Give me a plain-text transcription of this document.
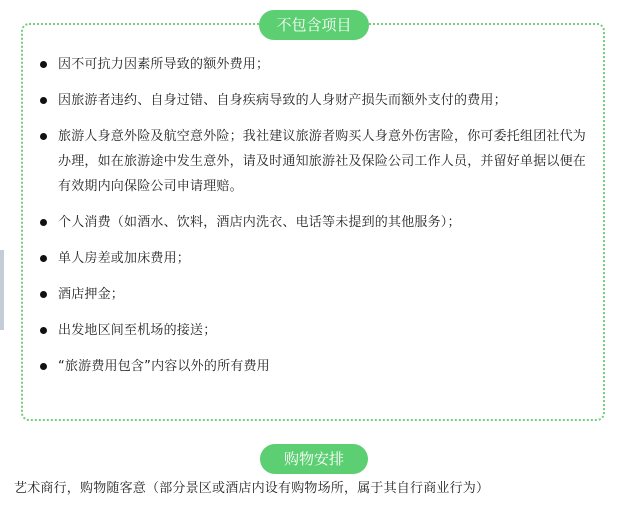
不包含项目
因不可抗力因素所导致的额外费用；
因旅游者违约、自身过错、自身疾病导致的人身财产损失而额外支付的费用；
旅游人身意外险及航空意外险；我社建议旅游者购买人身意外伤害险，你可委托组团社代为办理，如在旅游途中发生意外，请及时通知旅游社及保险公司工作人员，并留好单据以便在有效期内向保险公司申请理赔。
个人消费（如酒水、饮料，酒店内洗衣、电话等未提到的其他服务）；
单人房差或加床费用；
酒店押金；
出发地区间至机场的接送；
“旅游费用包含”内容以外的所有费用
购物安排
艺术商行，购物随客意（部分景区或酒店内设有购物场所，属于其自行商业行为）
